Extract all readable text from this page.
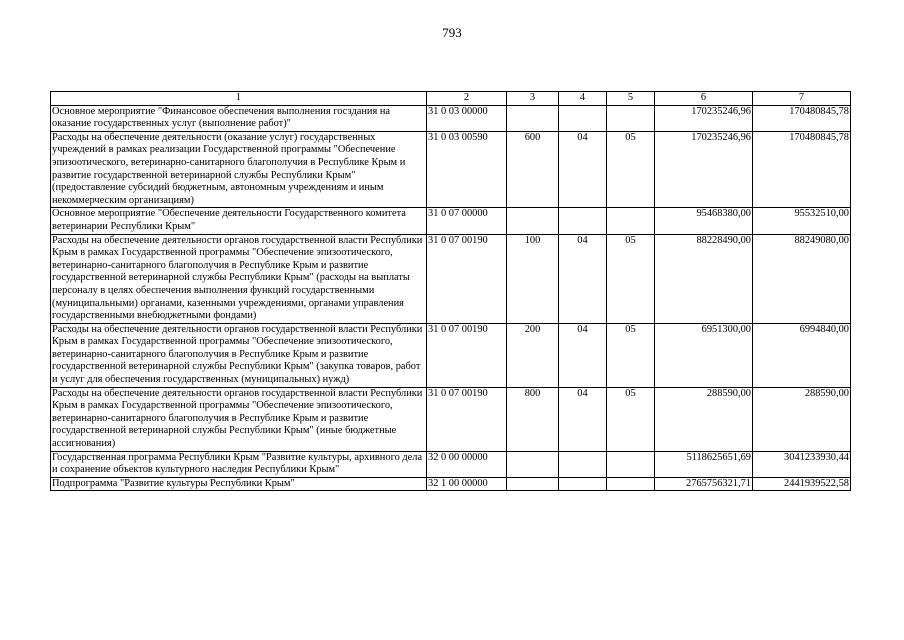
793
1	2	3	4	5	6	7
Основное мероприятие "Финансовое обеспечения выполнения госздания на оказание государственных услуг (выполнение работ)"	31 0 03 00000				170235246,96	170480845,78
Расходы на обеспечение деятельности (оказание услуг) государственных учреждений в рамках реализации Государственной программы "Обеспечение эпизоотического, ветеринарно-санитарного благополучия в Республике Крым и развитие государственной ветеринарной службы Республики Крым" (предоставление субсидий бюджетным, автономным учреждениям и иным некоммерческим организациям)	31 0 03 00590	600	04	05	170235246,96	170480845,78
Основное мероприятие "Обеспечение деятельности Государственного комитета ветеринарии Республики Крым"	31 0 07 00000				95468380,00	95532510,00
Расходы на обеспечение деятельности органов государственной власти Республики Крым в рамках Государственной программы "Обеспечение эпизоотического, ветеринарно-санитарного благополучия в Республике Крым и развитие государственной ветеринарной службы Республики Крым" (расходы на выплаты персоналу в целях обеспечения выполнения функций государственными (муниципальными) органами, казенными учреждениями, органами управления государственными внебюджетными фондами)	31 0 07 00190	100	04	05	88228490,00	88249080,00
Расходы на обеспечение деятельности органов государственной власти Республики Крым в рамках Государственной программы "Обеспечение эпизоотического, ветеринарно-санитарного благополучия в Республике Крым и развитие государственной ветеринарной службы Республики Крым" (закупка товаров, работ и услуг для обеспечения государственных (муниципальных) нужд)	31 0 07 00190	200	04	05	6951300,00	6994840,00
Расходы на обеспечение деятельности органов государственной власти Республики Крым в рамках Государственной программы "Обеспечение эпизоотического, ветеринарно-санитарного благополучия в Республике Крым и развитие государственной ветеринарной службы Республики Крым" (иные бюджетные ассигнования)	31 0 07 00190	800	04	05	288590,00	288590,00
Государственная программа Республики Крым "Развитие культуры, архивного дела и сохранение объектов культурного наследия Республики Крым"	32 0 00 00000				5118625651,69	3041233930,44
Подпрограмма "Развитие культуры Республики Крым"	32 1 00 00000				2765756321,71	2441939522,58
